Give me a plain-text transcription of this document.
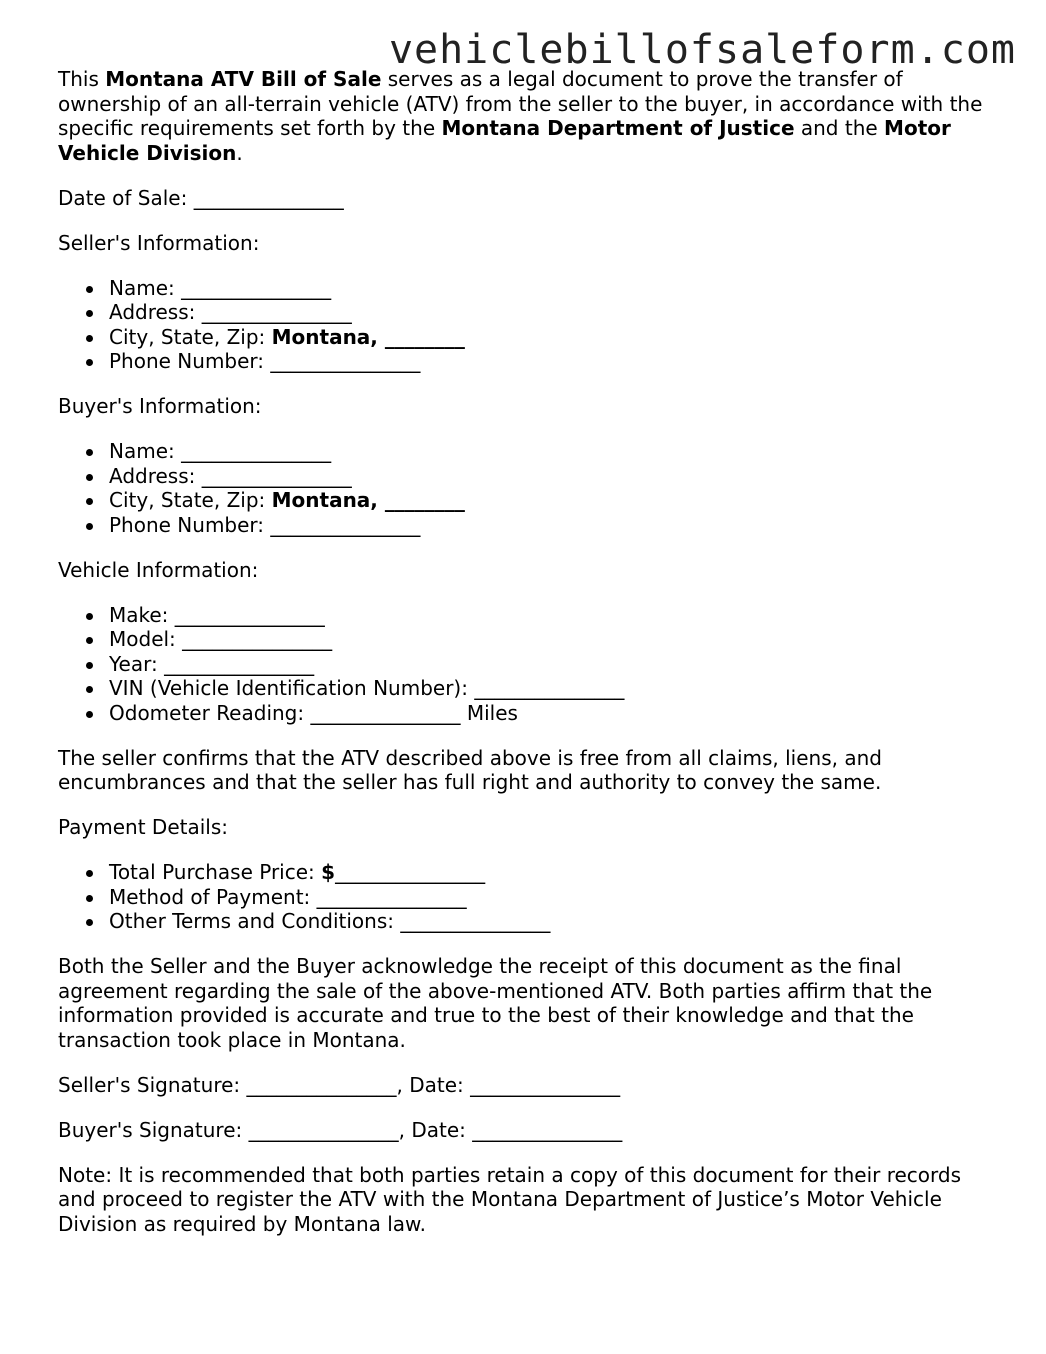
vehiclebillofsaleform.com

This Montana ATV Bill of Sale serves as a legal document to prove the transfer of ownership of an all-terrain vehicle (ATV) from the seller to the buyer, in accordance with the specific requirements set forth by the Montana Department of Justice and the Motor Vehicle Division.

Date of Sale: _______________

Seller's Information:

Name: _______________
Address: _______________
City, State, Zip: Montana, ________
Phone Number: _______________

Buyer's Information:

Name: _______________
Address: _______________
City, State, Zip: Montana, ________
Phone Number: _______________

Vehicle Information:

Make: _______________
Model: _______________
Year: _______________
VIN (Vehicle Identification Number): _______________
Odometer Reading: _______________ Miles

The seller confirms that the ATV described above is free from all claims, liens, and encumbrances and that the seller has full right and authority to convey the same.

Payment Details:

Total Purchase Price: $_______________
Method of Payment: _______________
Other Terms and Conditions: _______________

Both the Seller and the Buyer acknowledge the receipt of this document as the final agreement regarding the sale of the above-mentioned ATV. Both parties affirm that the information provided is accurate and true to the best of their knowledge and that the transaction took place in Montana.

Seller's Signature: _______________, Date: _______________

Buyer's Signature: _______________, Date: _______________

Note: It is recommended that both parties retain a copy of this document for their records and proceed to register the ATV with the Montana Department of Justice’s Motor Vehicle Division as required by Montana law.
